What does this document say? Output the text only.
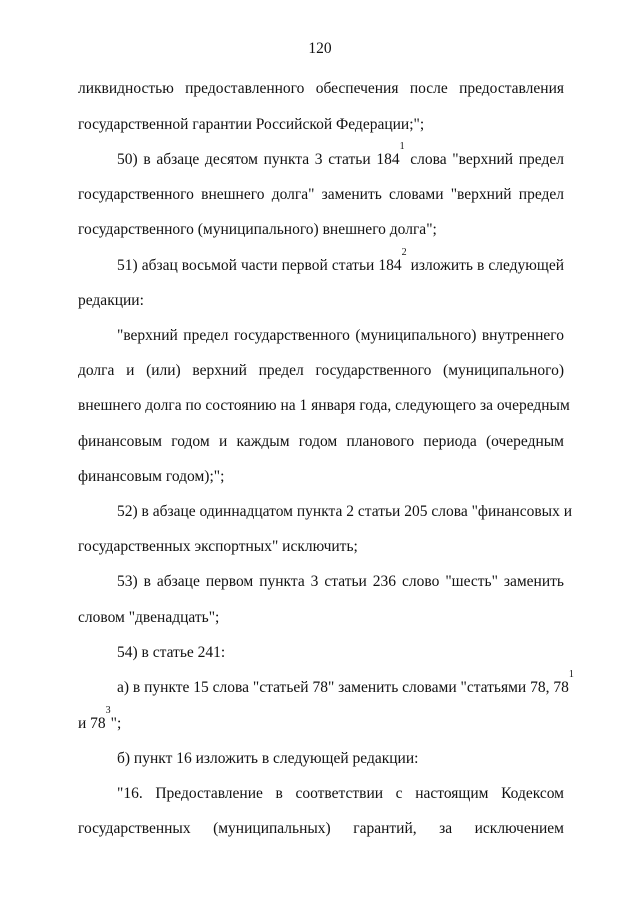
120
ликвидностью предоставленного обеспечения после предоставления
государственной гарантии Российской Федерации;";
50) в абзаце десятом пункта 3 статьи $184^1$ слова "верхний предел
государственного внешнего долга" заменить словами "верхний предел
государственного (муниципального) внешнего долга";
51) абзац восьмой части первой статьи $184^2$ изложить в следующей
редакции:
"верхний предел государственного (муниципального) внутреннего
долга и (или) верхний предел государственного (муниципального)
внешнего долга по состоянию на 1 января года, следующего за очередным
финансовым годом и каждым годом планового периода (очередным
финансовым годом);";
52) в абзаце одиннадцатом пункта 2 статьи 205 слова "финансовых и
государственных экспортных" исключить;
53) в абзаце первом пункта 3 статьи 236 слово "шесть" заменить
словом "двенадцать";
54) в статье 241:
а) в пункте 15 слова "статьей 78" заменить словами "статьями 78, $78^1$
и $78^3$";
б) пункт 16 изложить в следующей редакции:
"16. Предоставление в соответствии с настоящим Кодексом
государственных (муниципальных) гарантий, за исключением
